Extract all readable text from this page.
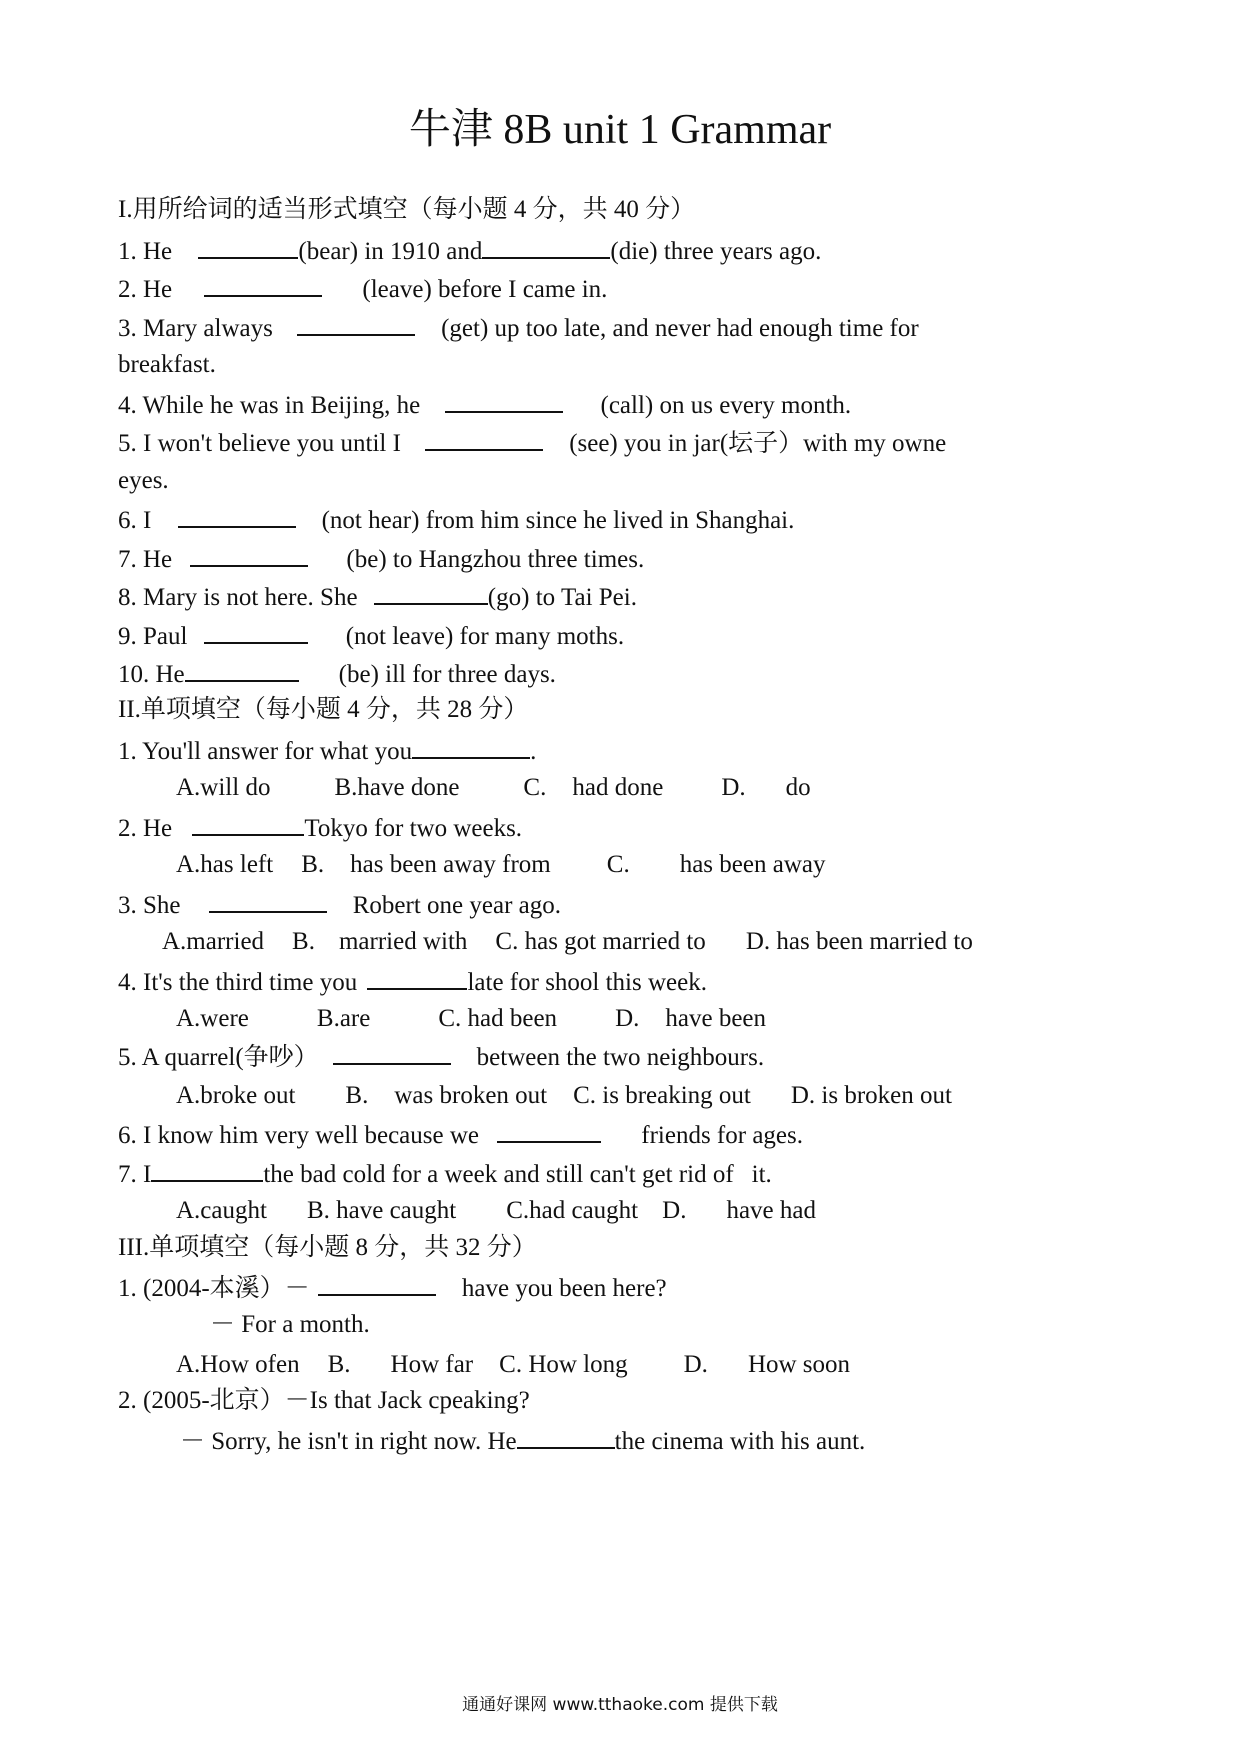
牛津 8B unit 1 Grammar
I.用所给词的适当形式填空（每小题 4 分，共 40 分）
1. He	(bear) in 1910 and	(die) three years ago.
2. He	(leave) before I came in.
3. Mary always	(get) up too late, and never had enough time for
breakfast.
4. While he was in Beijing, he	(call) on us every month.
5. I won't believe you until I	(see) you in jar(坛子）with my owne
eyes.
6. I	(not hear) from him since he lived in Shanghai.
7. He	(be) to Hangzhou three times.
8. Mary is not here. She	(go) to Tai Pei.
9. Paul	(not leave) for many moths.
10. He	(be) ill for three days.
II.单项填空（每小题 4 分，共 28 分）
1. You'll answer for what you	.
A.will do	B.have done	C. had done D. do
2. He	Tokyo for two weeks.
A.has left B. has been away from C. has been away
3. She	Robert one year ago.
A.married B. married with C. has got married to D. has been married to
4. It's the third time you	late for shool this week.
A.were	B.are	C. had been D. have been
5. A quarrel(争吵）	between the two neighbours.
A.broke out B. was broken out C. is breaking out D. is broken out
6. I know him very well because we	friends for ages.
7. I	the bad cold for a week and still can't get rid of it.
A.caught B. have caught C.had caught D. have had
III.单项填空（每小题 8 分，共 32 分）
1. (2004-本溪）－	have you been here?
－ For a month.
A.How ofen B. How far C. How long D. How soon
2. (2005-北京）－Is that Jack cpeaking?
－ Sorry, he isn't in right now. He	the cinema with his aunt.
通通好课网 www.tthaoke.com 提供下载
